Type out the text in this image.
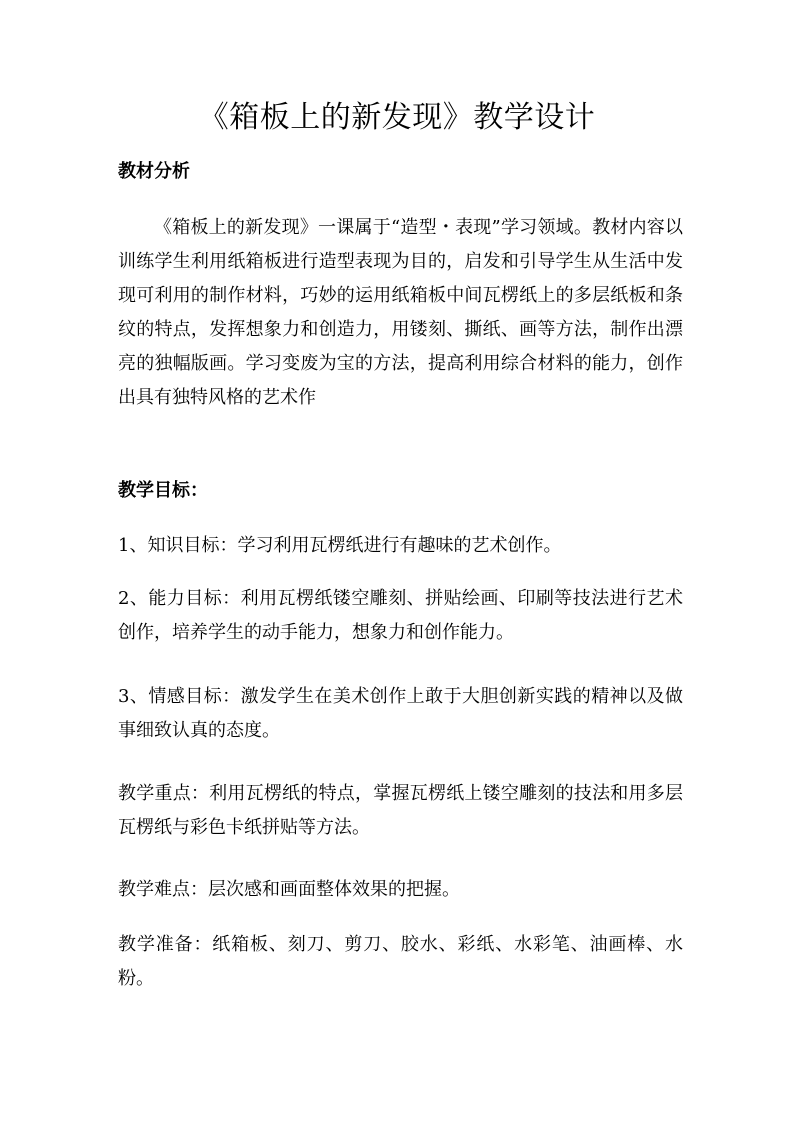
《箱板上的新发现》教学设计

教材分析

《箱板上的新发现》一课属于“造型・表现”学习领域。教材内容以训练学生利用纸箱板进行造型表现为目的，启发和引导学生从生活中发现可利用的制作材料，巧妙的运用纸箱板中间瓦楞纸上的多层纸板和条纹的特点，发挥想象力和创造力，用镂刻、撕纸、画等方法，制作出漂亮的独幅版画。学习变废为宝的方法，提高利用综合材料的能力，创作出具有独特风格的艺术作

教学目标：

1、知识目标：学习利用瓦楞纸进行有趣味的艺术创作。

2、能力目标：利用瓦楞纸镂空雕刻、拼贴绘画、印刷等技法进行艺术创作，培养学生的动手能力，想象力和创作能力。

3、情感目标：激发学生在美术创作上敢于大胆创新实践的精神以及做事细致认真的态度。

教学重点：利用瓦楞纸的特点，掌握瓦楞纸上镂空雕刻的技法和用多层瓦楞纸与彩色卡纸拼贴等方法。

教学难点：层次感和画面整体效果的把握。

教学准备：纸箱板、刻刀、剪刀、胶水、彩纸、水彩笔、油画棒、水粉。
